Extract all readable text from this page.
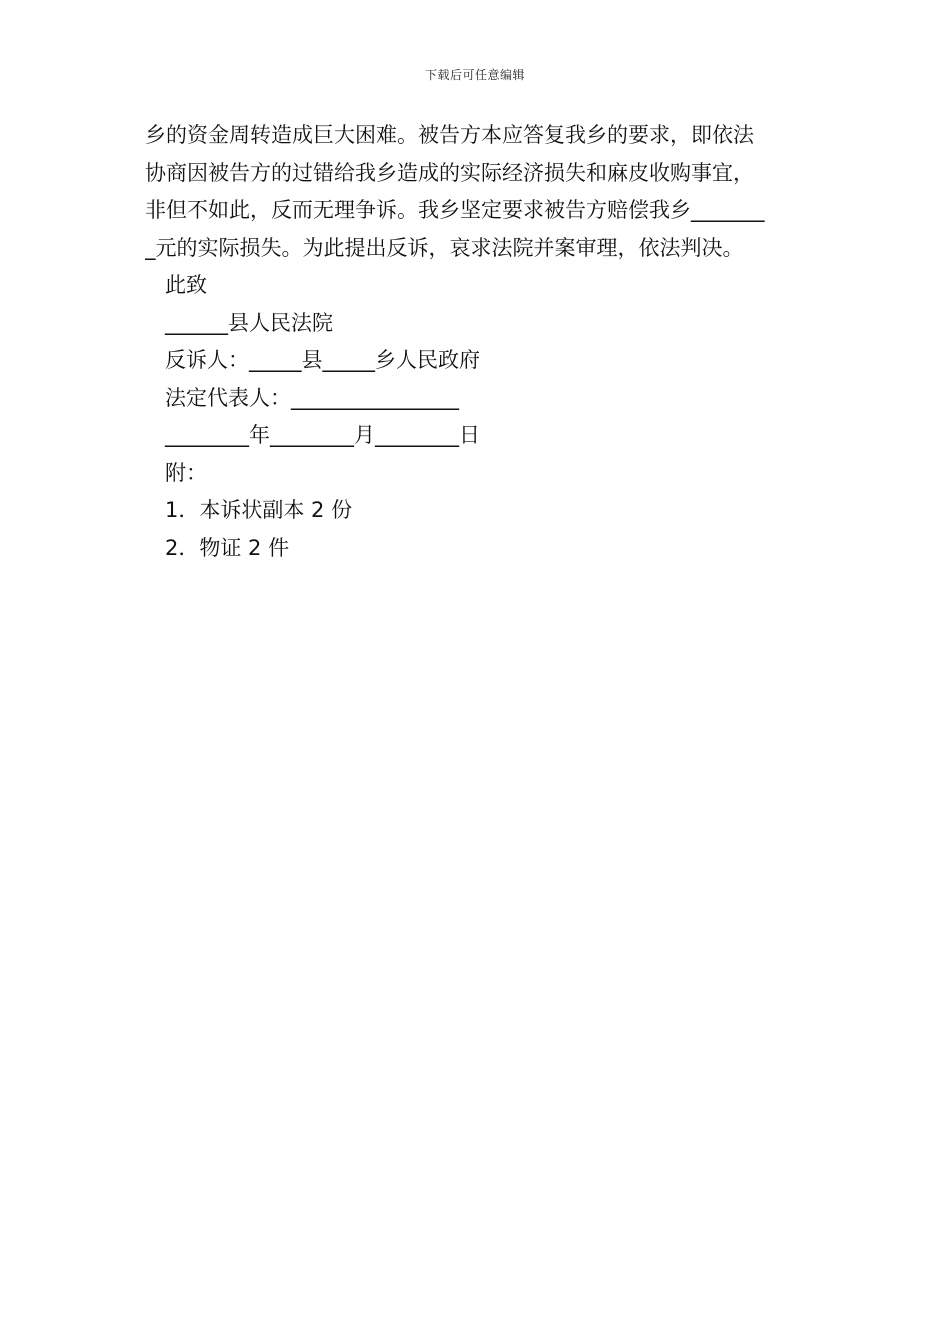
下载后可任意编辑
乡的资金周转造成巨大困难。被告方本应答复我乡的要求，即依法
协商因被告方的过错给我乡造成的实际经济损失和麻皮收购事宜，
非但不如此，反而无理争诉。我乡坚定要求被告方赔偿我乡_______
_元的实际损失。为此提出反诉，哀求法院并案审理，依法判决。
此致
______县人民法院
反诉人：_____县_____乡人民政府
法定代表人：________________
________年________月________日
附：
1．本诉状副本 2 份
2．物证 2 件
